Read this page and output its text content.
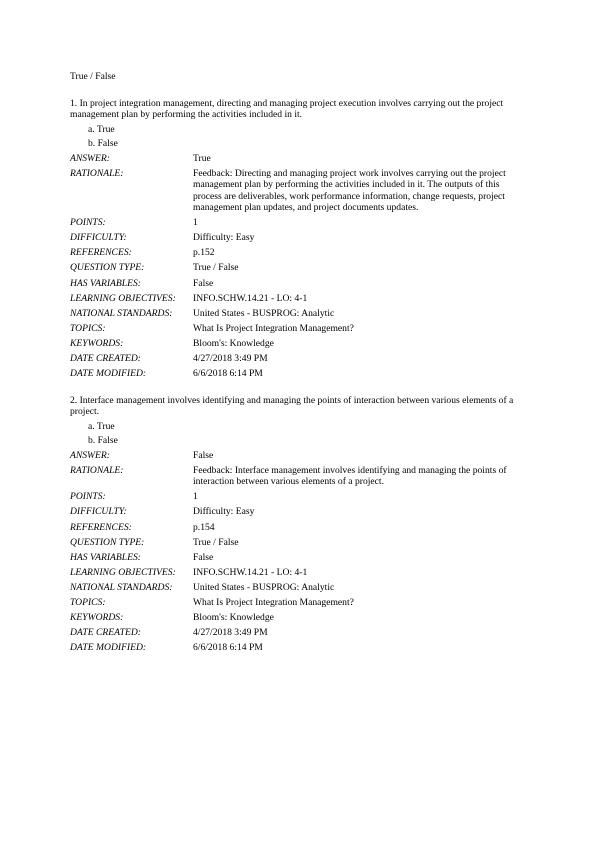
True / False
1. In project integration management, directing and managing project execution involves carrying out the project management plan by performing the activities included in it.
a. True
b. False
ANSWER:	True
RATIONALE:	Feedback: Directing and managing project work involves carrying out the project management plan by performing the activities included in it. The outputs of this process are deliverables, work performance information, change requests, project management plan updates, and project documents updates.
POINTS:	1
DIFFICULTY:	Difficulty: Easy
REFERENCES:	p.152
QUESTION TYPE:	True / False
HAS VARIABLES:	False
LEARNING OBJECTIVES:	INFO.SCHW.14.21 - LO: 4-1
NATIONAL STANDARDS:	United States - BUSPROG: Analytic
TOPICS:	What Is Project Integration Management?
KEYWORDS:	Bloom's: Knowledge
DATE CREATED:	4/27/2018 3:49 PM
DATE MODIFIED:	6/6/2018 6:14 PM
2. Interface management involves identifying and managing the points of interaction between various elements of a project.
a. True
b. False
ANSWER:	False
RATIONALE:	Feedback: Interface management involves identifying and managing the points of interaction between various elements of a project.
POINTS:	1
DIFFICULTY:	Difficulty: Easy
REFERENCES:	p.154
QUESTION TYPE:	True / False
HAS VARIABLES:	False
LEARNING OBJECTIVES:	INFO.SCHW.14.21 - LO: 4-1
NATIONAL STANDARDS:	United States - BUSPROG: Analytic
TOPICS:	What Is Project Integration Management?
KEYWORDS:	Bloom's: Knowledge
DATE CREATED:	4/27/2018 3:49 PM
DATE MODIFIED:	6/6/2018 6:14 PM
